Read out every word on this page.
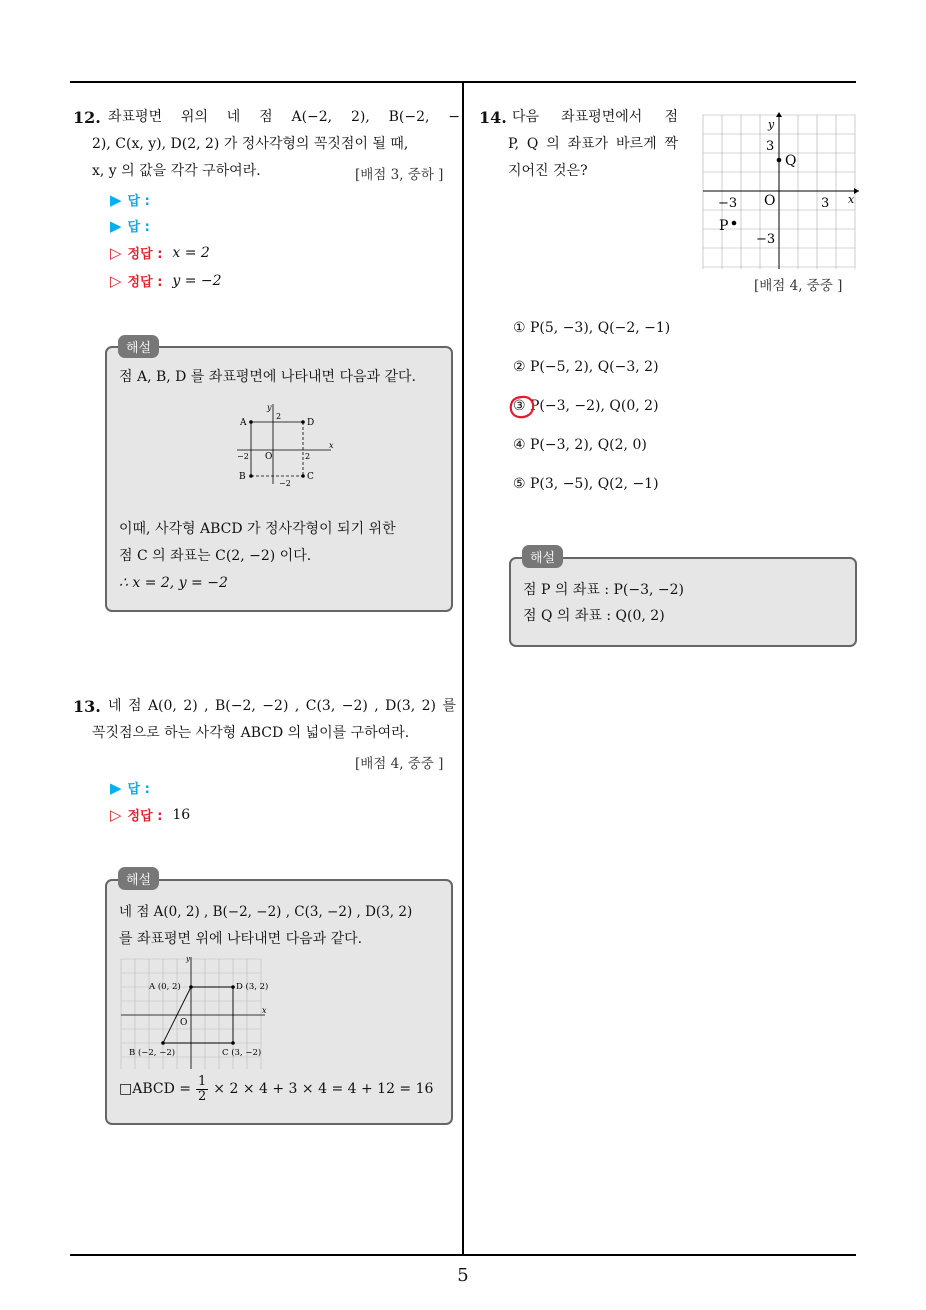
5
12. 좌표평면 위의 네 점 A(−2, 2), B(−2, −
2), C(x, y), D(2, 2) 가 정사각형의 꼭짓점이 될 때,
x, y 의 값을 각각 구하여라.	[배점 3, 중하 ]
▶ 답 :
▶ 답 :
▷ 정답 : x = 2
▷ 정답 : y = −2
점 A, B, D 를 좌표평면에 나타내면 다음과 같다.
A	D
B	C
O
x
y
2
−2	2
−2
이때, 사각형 ABCD 가 정사각형이 되기 위한
점 C 의 좌표는 C(2, −2) 이다.
∴ x = 2, y = −2
해설
13. 네 점 A(0, 2) , B(−2, −2) , C(3, −2) , D(3, 2) 를
꼭짓점으로 하는 사각형 ABCD 의 넓이를 구하여라.
[배점 4, 중중 ]
▶ 답 :
▷ 정답 : 16
네 점 A(0, 2) , B(−2, −2) , C(3, −2) , D(3, 2)
를 좌표평면 위에 나타내면 다음과 같다.
A (0, 2)	D (3, 2)
B (−2, −2)	C (3, −2)
O
x
y
□ABCD = $\frac{1}{2} \times 2 \times 4 + 3 \times 4 = 4 + 12 = 16$
해설
14. 다음 좌표평면에서 점
P, Q 의 좌표가 바르게 짝
지어진 것은?
y
x
3
Q
−3 O	3
P
−3
[배점 4, 중중 ]
① P(5, −3), Q(−2, −1)
② P(−5, 2), Q(−3, 2)
③ P(−3, −2), Q(0, 2)
④ P(−3, 2), Q(2, 0)
⑤ P(3, −5), Q(2, −1)
점 P 의 좌표 : P(−3, −2)
점 Q 의 좌표 : Q(0, 2)
해설
